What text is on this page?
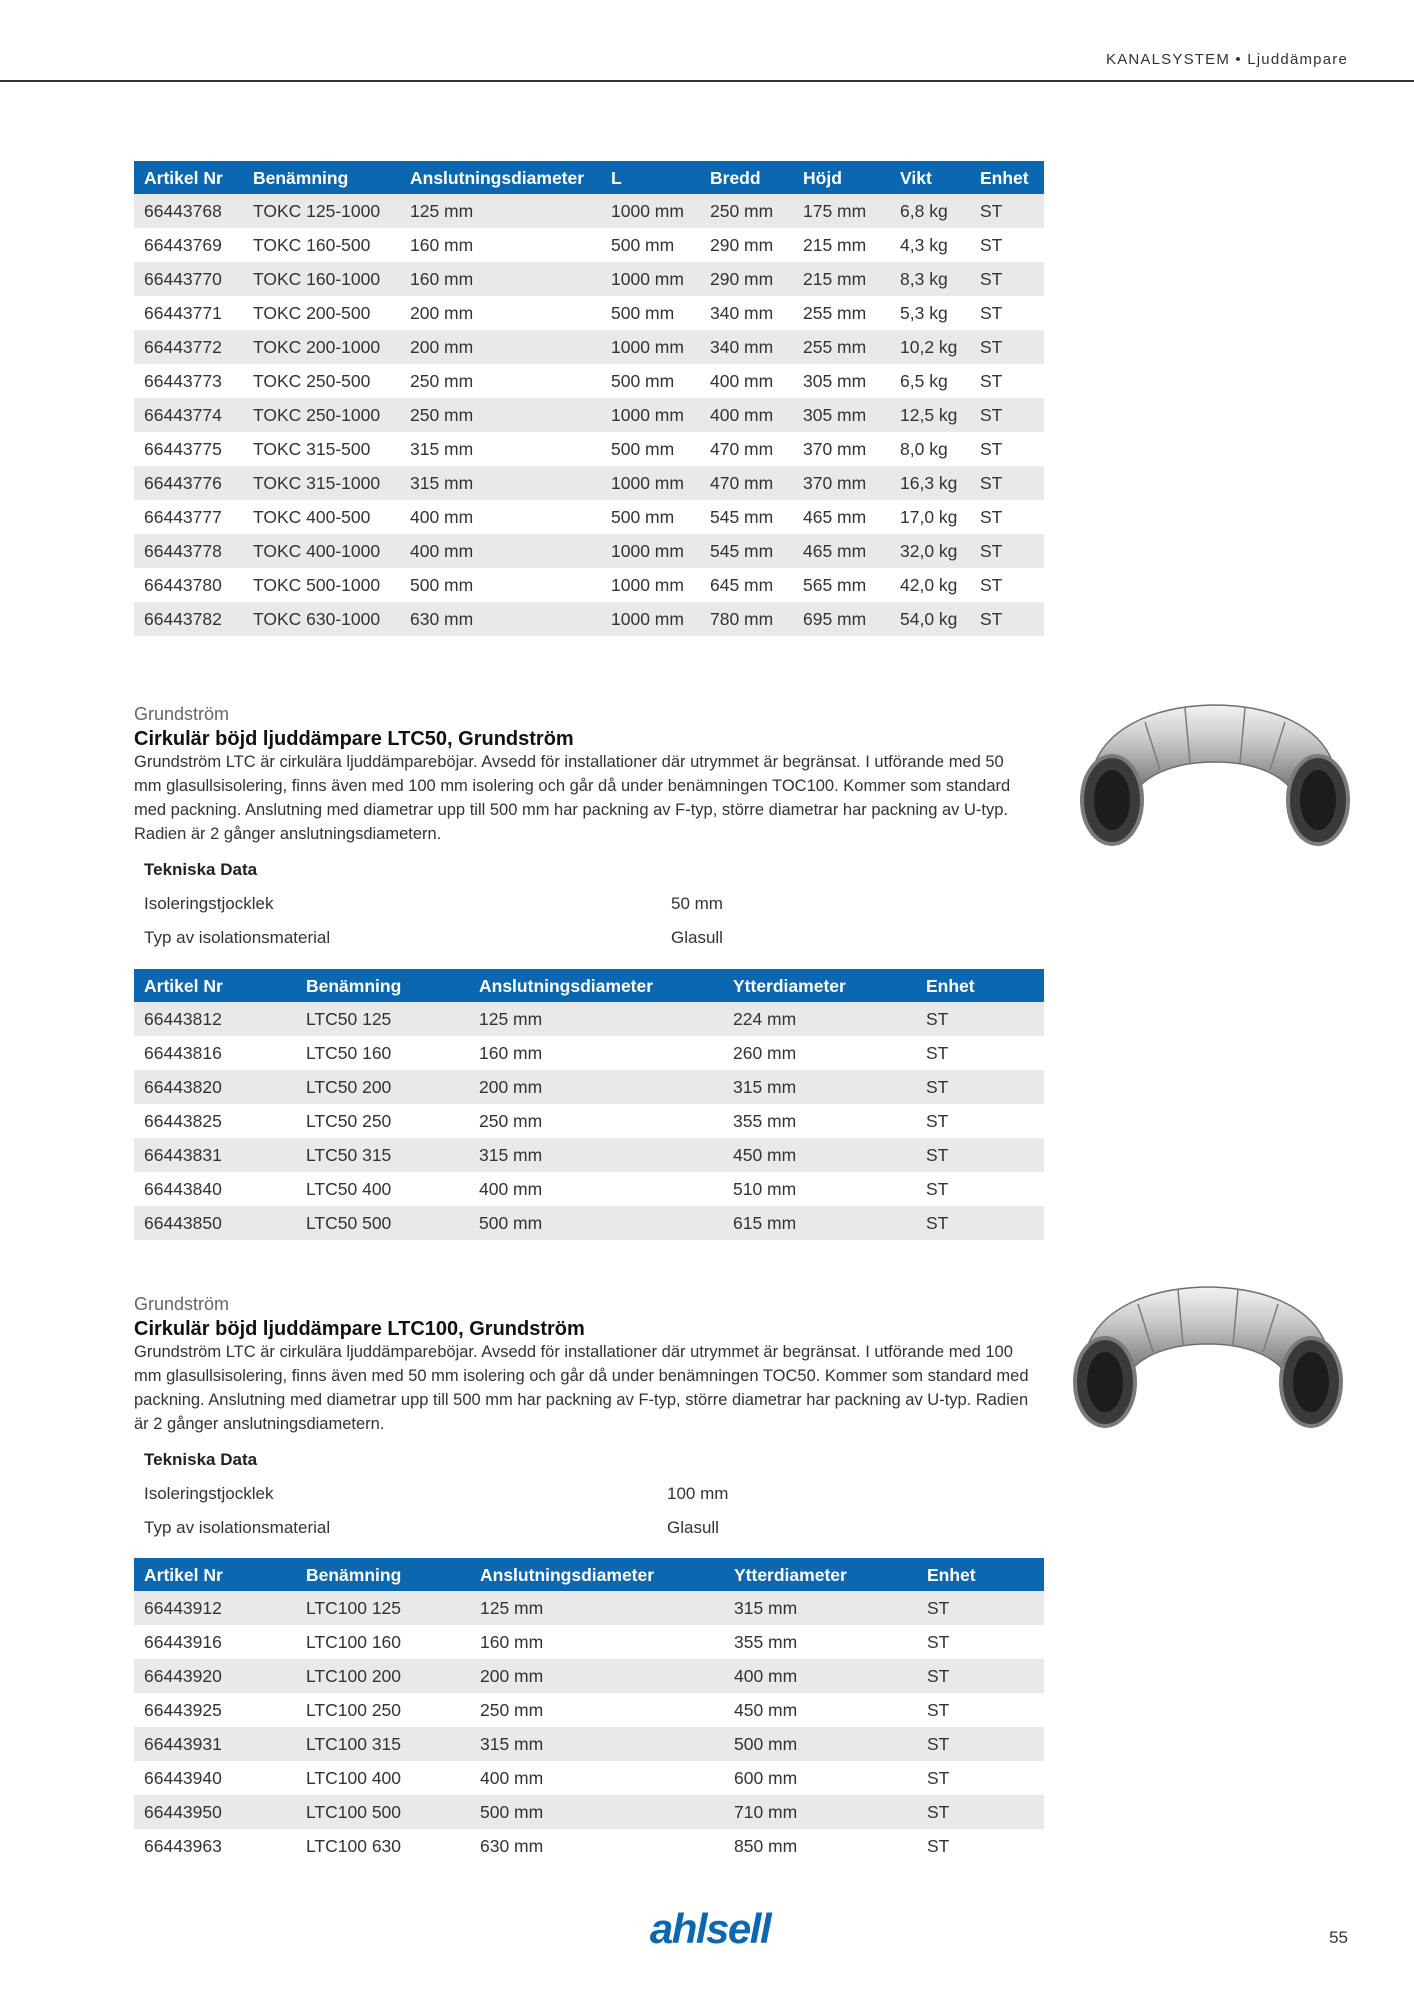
KANALSYSTEM • Ljuddämpare
Artikel Nr	Benämning	Anslutningsdiameter	L	Bredd	Höjd	Vikt	Enhet
66443768	TOKC 125-1000	125 mm	1000 mm	250 mm	175 mm	6,8 kg	ST
66443769	TOKC 160-500	160 mm	500 mm	290 mm	215 mm	4,3 kg	ST
66443770	TOKC 160-1000	160 mm	1000 mm	290 mm	215 mm	8,3 kg	ST
66443771	TOKC 200-500	200 mm	500 mm	340 mm	255 mm	5,3 kg	ST
66443772	TOKC 200-1000	200 mm	1000 mm	340 mm	255 mm	10,2 kg	ST
66443773	TOKC 250-500	250 mm	500 mm	400 mm	305 mm	6,5 kg	ST
66443774	TOKC 250-1000	250 mm	1000 mm	400 mm	305 mm	12,5 kg	ST
66443775	TOKC 315-500	315 mm	500 mm	470 mm	370 mm	8,0 kg	ST
66443776	TOKC 315-1000	315 mm	1000 mm	470 mm	370 mm	16,3 kg	ST
66443777	TOKC 400-500	400 mm	500 mm	545 mm	465 mm	17,0 kg	ST
66443778	TOKC 400-1000	400 mm	1000 mm	545 mm	465 mm	32,0 kg	ST
66443780	TOKC 500-1000	500 mm	1000 mm	645 mm	565 mm	42,0 kg	ST
66443782	TOKC 630-1000	630 mm	1000 mm	780 mm	695 mm	54,0 kg	ST
Grundström
Cirkulär böjd ljuddämpare LTC50, Grundström
Grundström LTC är cirkulära ljuddämpareböjar. Avsedd för installationer där utrymmet är begränsat. I utförande med 50 mm glasullsisolering, finns även med 100 mm isolering och går då under benämningen TOC100. Kommer som standard med packning. Anslutning med diametrar upp till 500 mm har packning av F-typ, större diametrar har packning av U-typ. Radien är 2 gånger anslutningsdiametern.
Tekniska Data
Isoleringstjocklek	50 mm
Typ av isolationsmaterial	Glasull
Artikel Nr	Benämning	Anslutningsdiameter	Ytterdiameter	Enhet
66443812	LTC50 125	125 mm	224 mm	ST
66443816	LTC50 160	160 mm	260 mm	ST
66443820	LTC50 200	200 mm	315 mm	ST
66443825	LTC50 250	250 mm	355 mm	ST
66443831	LTC50 315	315 mm	450 mm	ST
66443840	LTC50 400	400 mm	510 mm	ST
66443850	LTC50 500	500 mm	615 mm	ST
Grundström
Cirkulär böjd ljuddämpare LTC100, Grundström
Grundström LTC är cirkulära ljuddämpareböjar. Avsedd för installationer där utrymmet är begränsat. I utförande med 100 mm glasullsisolering, finns även med 50 mm isolering och går då under benämningen TOC50. Kommer som standard med packning. Anslutning med diametrar upp till 500 mm har packning av F-typ, större diametrar har packning av U-typ. Radien är 2 gånger anslutningsdiametern.
Tekniska Data
Isoleringstjocklek	100 mm
Typ av isolationsmaterial	Glasull
Artikel Nr	Benämning	Anslutningsdiameter	Ytterdiameter	Enhet
66443912	LTC100 125	125 mm	315 mm	ST
66443916	LTC100 160	160 mm	355 mm	ST
66443920	LTC100 200	200 mm	400 mm	ST
66443925	LTC100 250	250 mm	450 mm	ST
66443931	LTC100 315	315 mm	500 mm	ST
66443940	LTC100 400	400 mm	600 mm	ST
66443950	LTC100 500	500 mm	710 mm	ST
66443963	LTC100 630	630 mm	850 mm	ST
ahlsell	55
